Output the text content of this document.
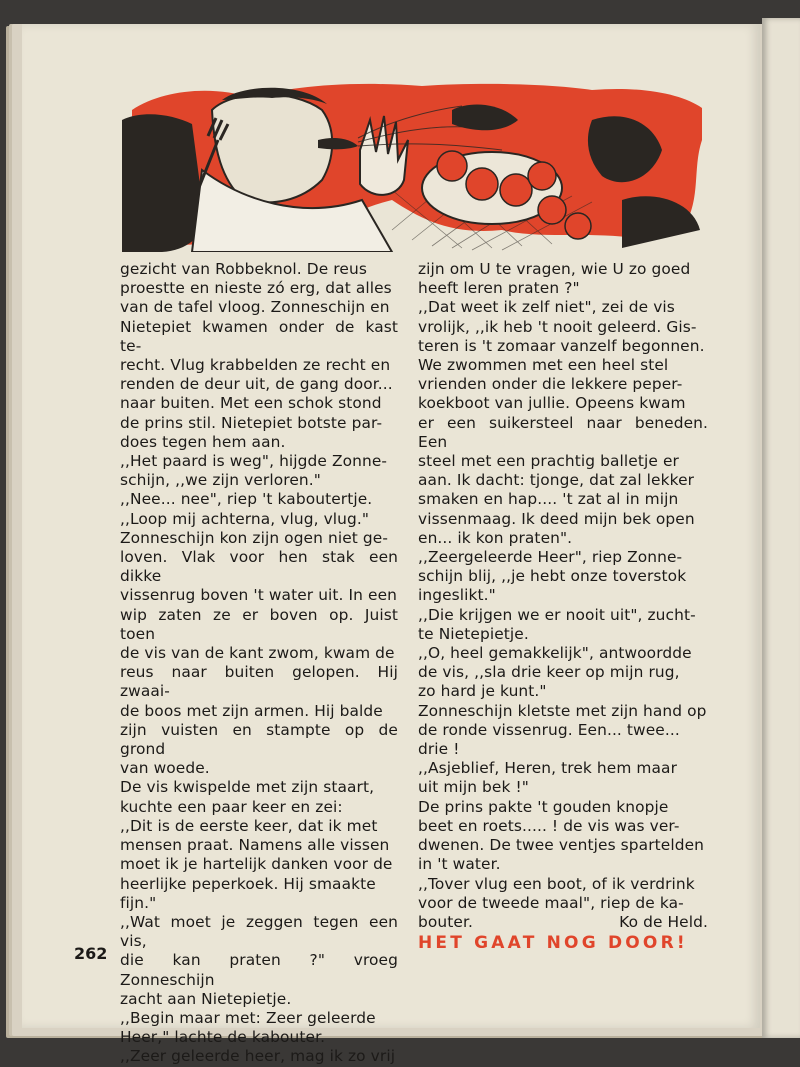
gezicht van Robbeknol. De reus
proestte en nieste zó erg, dat alles
van de tafel vloog. Zonneschijn en
Nietepiet kwamen onder de kast te-
recht. Vlug krabbelden ze recht en
renden de deur uit, de gang door...
naar buiten. Met een schok stond
de prins stil. Nietepiet botste par-
does tegen hem aan.
,,Het paard is weg", hijgde Zonne-
schijn, ,,we zijn verloren."
,,Nee... nee", riep 't kaboutertje.
,,Loop mij achterna, vlug, vlug."
Zonneschijn kon zijn ogen niet ge-
loven. Vlak voor hen stak een dikke
vissenrug boven 't water uit. In een
wip zaten ze er boven op. Juist toen
de vis van de kant zwom, kwam de
reus naar buiten gelopen. Hij zwaai-
de boos met zijn armen. Hij balde
zijn vuisten en stampte op de grond
van woede.
De vis kwispelde met zijn staart,
kuchte een paar keer en zei:
,,Dit is de eerste keer, dat ik met
mensen praat. Namens alle vissen
moet ik je hartelijk danken voor de
heerlijke peperkoek. Hij smaakte
fijn."
,,Wat moet je zeggen tegen een vis,
die kan praten ?" vroeg Zonneschijn
zacht aan Nietepietje.
,,Begin maar met: Zeer geleerde
Heer," lachte de kabouter.
,,Zeer geleerde heer, mag ik zo vrij

zijn om U te vragen, wie U zo goed
heeft leren praten ?"
,,Dat weet ik zelf niet", zei de vis
vrolijk, ,,ik heb 't nooit geleerd. Gis-
teren is 't zomaar vanzelf begonnen.
We zwommen met een heel stel
vrienden onder die lekkere peper-
koekboot van jullie. Opeens kwam
er een suikersteel naar beneden. Een
steel met een prachtig balletje er
aan. Ik dacht: tjonge, dat zal lekker
smaken en hap.... 't zat al in mijn
vissenmaag. Ik deed mijn bek open
en... ik kon praten".
,,Zeergeleerde Heer", riep Zonne-
schijn blij, ,,je hebt onze toverstok
ingeslikt."
,,Die krijgen we er nooit uit", zucht-
te Nietepietje.
,,O, heel gemakkelijk", antwoordde
de vis, ,,sla drie keer op mijn rug,
zo hard je kunt."
Zonneschijn kletste met zijn hand op
de ronde vissenrug. Een... twee...
drie !
,,Asjeblief, Heren, trek hem maar
uit mijn bek !"
De prins pakte 't gouden knopje
beet en roets..... ! de vis was ver-
dwenen. De twee ventjes spartelden
in 't water.
,,Tover vlug een boot, of ik verdrink
voor de tweede maal", riep de ka-

bouter.	Ko de Held.
HET GAAT NOG DOOR!
262
